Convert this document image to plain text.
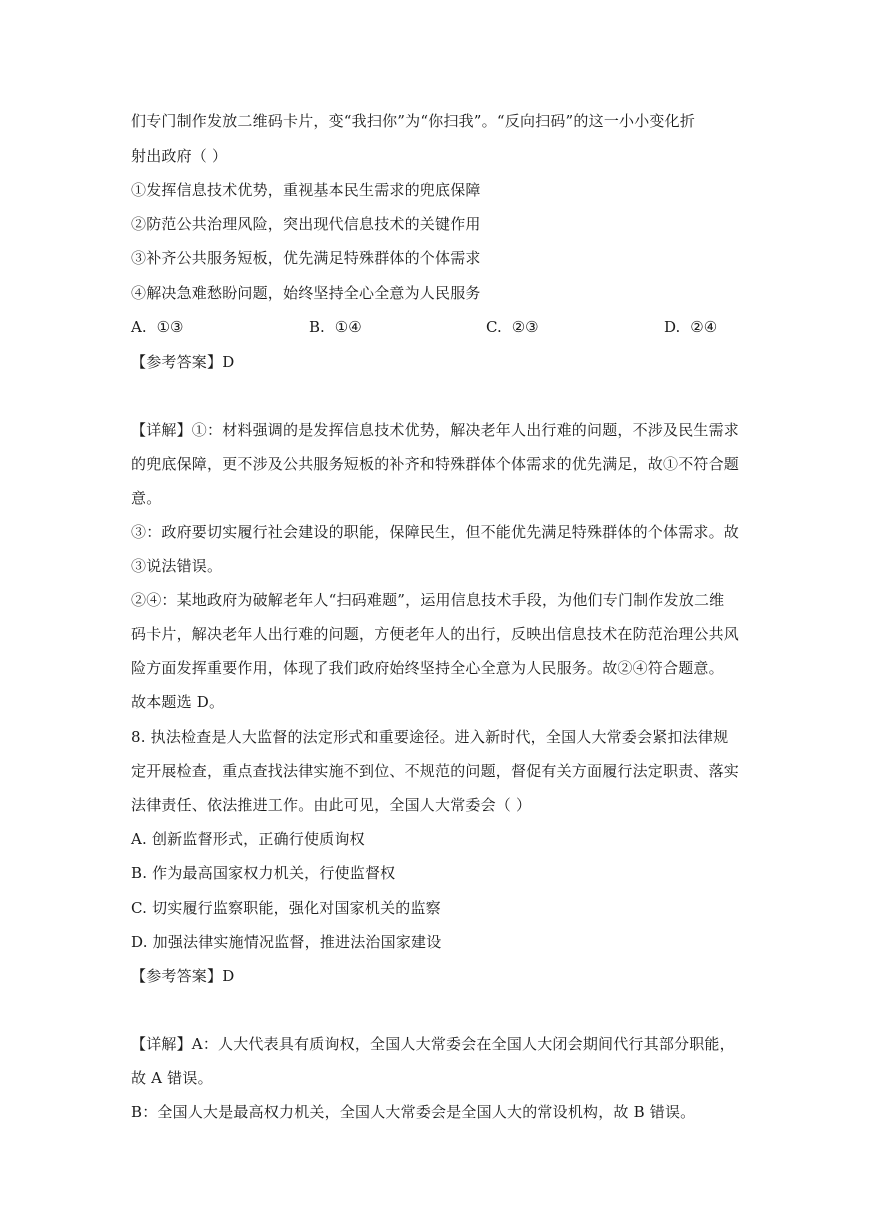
们专门制作发放二维码卡片，变“我扫你”为“你扫我”。“反向扫码”的这一小小变化折
射出政府（ ）
①发挥信息技术优势，重视基本民生需求的兜底保障
②防范公共治理风险，突出现代信息技术的关键作用
③补齐公共服务短板，优先满足特殊群体的个体需求
④解决急难愁盼问题，始终坚持全心全意为人民服务
A. ①③	B. ①④	C. ②③	D. ②④
【参考答案】D
【详解】①：材料强调的是发挥信息技术优势，解决老年人出行难的问题，不涉及民生需求
的兜底保障，更不涉及公共服务短板的补齐和特殊群体个体需求的优先满足，故①不符合题
意。
③：政府要切实履行社会建设的职能，保障民生，但不能优先满足特殊群体的个体需求。故
③说法错误。
②④：某地政府为破解老年人“扫码难题”，运用信息技术手段，为他们专门制作发放二维
码卡片，解决老年人出行难的问题，方便老年人的出行，反映出信息技术在防范治理公共风
险方面发挥重要作用，体现了我们政府始终坚持全心全意为人民服务。故②④符合题意。
故本题选 D。
8. 执法检查是人大监督的法定形式和重要途径。进入新时代，全国人大常委会紧扣法律规
定开展检查，重点查找法律实施不到位、不规范的问题，督促有关方面履行法定职责、落实
法律责任、依法推进工作。由此可见，全国人大常委会（ ）
A. 创新监督形式，正确行使质询权
B. 作为最高国家权力机关，行使监督权
C. 切实履行监察职能，强化对国家机关的监察
D. 加强法律实施情况监督，推进法治国家建设
【参考答案】D
【详解】A：人大代表具有质询权，全国人大常委会在全国人大闭会期间代行其部分职能，
故 A 错误。
B：全国人大是最高权力机关，全国人大常委会是全国人大的常设机构，故 B 错误。
